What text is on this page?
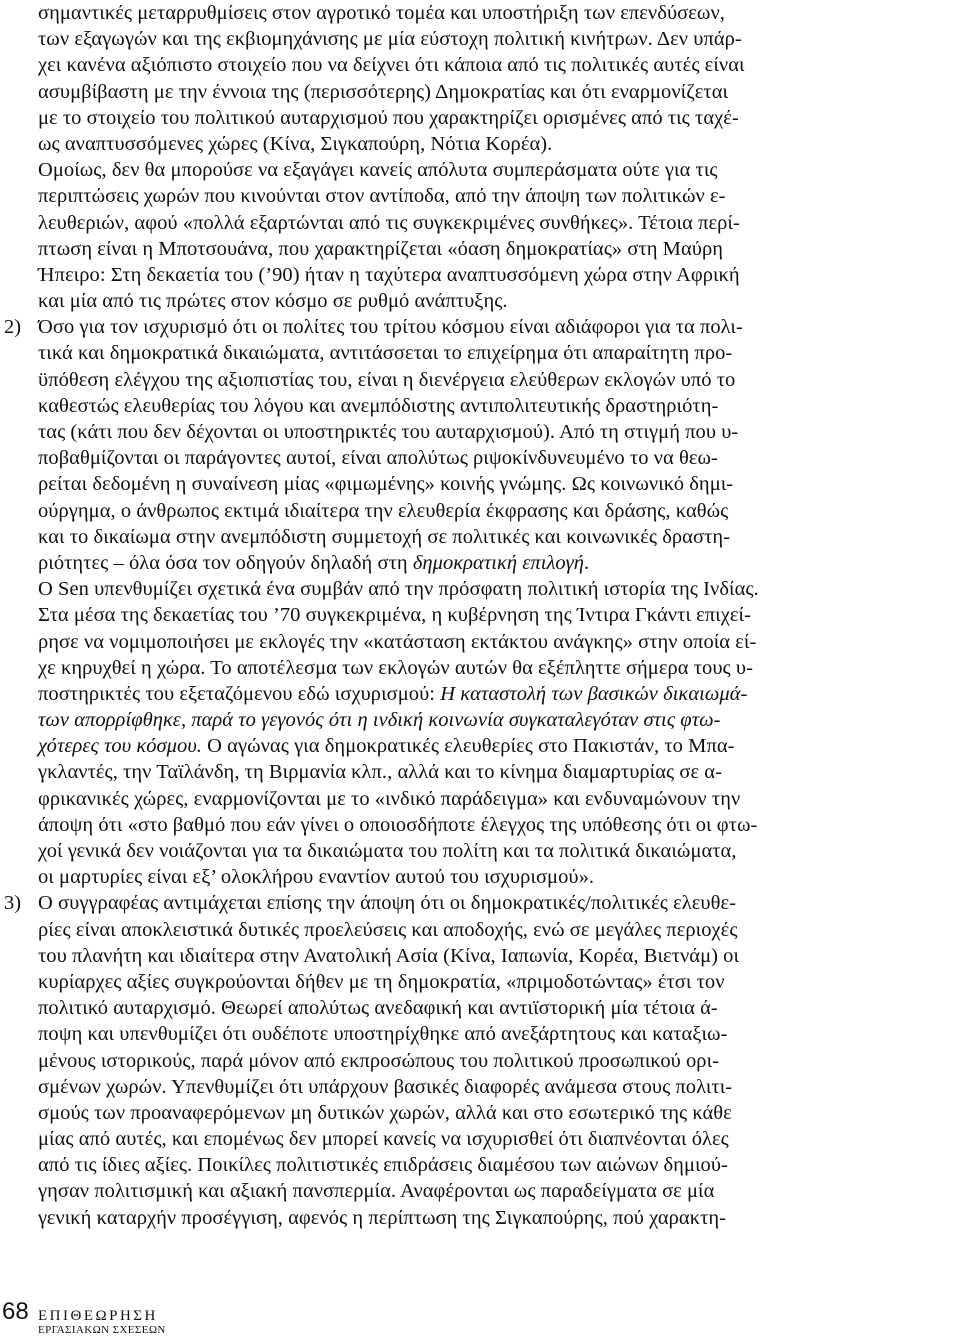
σημαντικές μεταρρυθμίσεις στον αγροτικό τομέα και υποστήριξη των επενδύσεων,
των εξαγωγών και της εκβιομηχάνισης με μία εύστοχη πολιτική κινήτρων. Δεν υπάρ-
χει κανένα αξιόπιστο στοιχείο που να δείχνει ότι κάποια από τις πολιτικές αυτές είναι
ασυμβίβαστη με την έννοια της (περισσότερης) Δημοκρατίας και ότι εναρμονίζεται
με το στοιχείο του πολιτικού αυταρχισμού που χαρακτηρίζει ορισμένες από τις ταχέ-
ως αναπτυσσόμενες χώρες (Κίνα, Σιγκαπούρη, Νότια Κορέα).
Ομοίως, δεν θα μπορούσε να εξαγάγει κανείς απόλυτα συμπεράσματα ούτε για τις
περιπτώσεις χωρών που κινούνται στον αντίποδα, από την άποψη των πολιτικών ε-
λευθεριών, αφού «πολλά εξαρτώνται από τις συγκεκριμένες συνθήκες». Τέτοια περί-
πτωση είναι η Μποτσουάνα, που χαρακτηρίζεται «όαση δημοκρατίας» στη Μαύρη
Ήπειρο: Στη δεκαετία του (’90) ήταν η ταχύτερα αναπτυσσόμενη χώρα στην Αφρική
και μία από τις πρώτες στον κόσμο σε ρυθμό ανάπτυξης.
2) Όσο για τον ισχυρισμό ότι οι πολίτες του τρίτου κόσμου είναι αδιάφοροι για τα πολι-
τικά και δημοκρατικά δικαιώματα, αντιτάσσεται το επιχείρημα ότι απαραίτητη προ-
ϋπόθεση ελέγχου της αξιοπιστίας του, είναι η διενέργεια ελεύθερων εκλογών υπό το
καθεστώς ελευθερίας του λόγου και ανεμπόδιστης αντιπολιτευτικής δραστηριότη-
τας (κάτι που δεν δέχονται οι υποστηρικτές του αυταρχισμού). Από τη στιγμή που υ-
ποβαθμίζονται οι παράγοντες αυτοί, είναι απολύτως ριψοκίνδυνευμένο το να θεω-
ρείται δεδομένη η συναίνεση μίας «φιμωμένης» κοινής γνώμης. Ως κοινωνικό δημι-
ούργημα, ο άνθρωπος εκτιμά ιδιαίτερα την ελευθερία έκφρασης και δράσης, καθώς
και το δικαίωμα στην ανεμπόδιστη συμμετοχή σε πολιτικές και κοινωνικές δραστη-
ριότητες – όλα όσα τον οδηγούν δηλαδή στη δημοκρατική επιλογή.
Ο Sen υπενθυμίζει σχετικά ένα συμβάν από την πρόσφατη πολιτική ιστορία της Ινδίας.
Στα μέσα της δεκαετίας του ’70 συγκεκριμένα, η κυβέρνηση της Ίντιρα Γκάντι επιχεί-
ρησε να νομιμοποιήσει με εκλογές την «κατάσταση εκτάκτου ανάγκης» στην οποία εί-
χε κηρυχθεί η χώρα. Το αποτέλεσμα των εκλογών αυτών θα εξέπληττε σήμερα τους υ-
ποστηρικτές του εξεταζόμενου εδώ ισχυρισμού: Η καταστολή των βασικών δικαιωμά-
των απορρίφθηκε, παρά το γεγονός ότι η ινδική κοινωνία συγκαταλεγόταν στις φτω-
χότερες του κόσμου. Ο αγώνας για δημοκρατικές ελευθερίες στο Πακιστάν, το Μπα-
γκλαντές, την Ταϊλάνδη, τη Βιρμανία κλπ., αλλά και το κίνημα διαμαρτυρίας σε α-
φρικανικές χώρες, εναρμονίζονται με το «ινδικό παράδειγμα» και ενδυναμώνουν την
άποψη ότι «στο βαθμό που εάν γίνει ο οποιοσδήποτε έλεγχος της υπόθεσης ότι οι φτω-
χοί γενικά δεν νοιάζονται για τα δικαιώματα του πολίτη και τα πολιτικά δικαιώματα,
οι μαρτυρίες είναι εξ’ ολοκλήρου εναντίον αυτού του ισχυρισμού».
3) Ο συγγραφέας αντιμάχεται επίσης την άποψη ότι οι δημοκρατικές/πολιτικές ελευθε-
ρίες είναι αποκλειστικά δυτικές προελεύσεις και αποδοχής, ενώ σε μεγάλες περιοχές
του πλανήτη και ιδιαίτερα στην Ανατολική Ασία (Κίνα, Ιαπωνία, Κορέα, Βιετνάμ) οι
κυρίαρχες αξίες συγκρούονται δήθεν με τη δημοκρατία, «πριμοδοτώντας» έτσι τον
πολιτικό αυταρχισμό. Θεωρεί απολύτως ανεδαφική και αντιϊστορική μία τέτοια ά-
ποψη και υπενθυμίζει ότι ουδέποτε υποστηρίχθηκε από ανεξάρτητους και καταξιω-
μένους ιστορικούς, παρά μόνον από εκπροσώπους του πολιτικού προσωπικού ορι-
σμένων χωρών. Υπενθυμίζει ότι υπάρχουν βασικές διαφορές ανάμεσα στους πολιτι-
σμούς των προαναφερόμενων μη δυτικών χωρών, αλλά και στο εσωτερικό της κάθε
μίας από αυτές, και επομένως δεν μπορεί κανείς να ισχυρισθεί ότι διαπνέονται όλες
από τις ίδιες αξίες. Ποικίλες πολιτιστικές επιδράσεις διαμέσου των αιώνων δημιού-
γησαν πολιτισμική και αξιακή πανσπερμία. Αναφέρονται ως παραδείγματα σε μία
γενική καταρχήν προσέγγιση, αφενός η περίπτωση της Σιγκαπούρης, πού χαρακτη-
68 ΕΠΙΘΕΩΡΗΣΗ
ΕΡΓΑΣΙΑΚΩΝ ΣΧΕΣΕΩΝ
